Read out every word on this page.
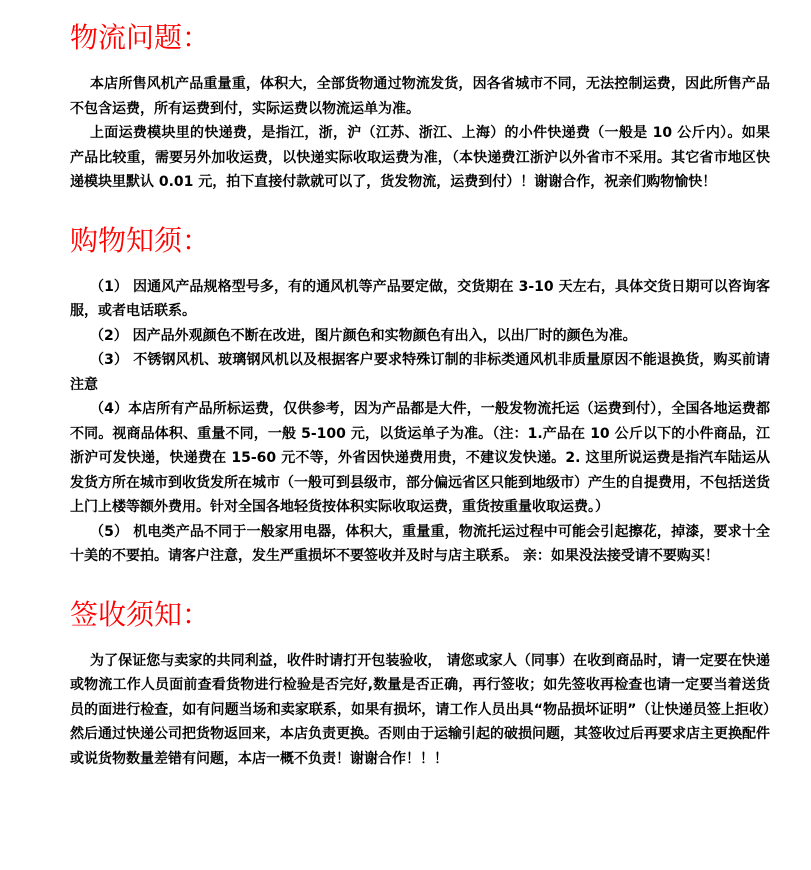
物流问题：

本店所售风机产品重量重，体积大，全部货物通过物流发货，因各省城市不同，无法控制运费，因此所售产品不包含运费，所有运费到付，实际运费以物流运单为准。

上面运费模块里的快递费，是指江，浙，沪（江苏、浙江、上海）的小件快递费（一般是 10 公斤内）。如果产品比较重，需要另外加收运费，以快递实际收取运费为准，（本快递费江浙沪以外省市不采用。其它省市地区快递模块里默认 0.01 元，拍下直接付款就可以了，货发物流，运费到付）！谢谢合作，祝亲们购物愉快！

购物知须：

（1） 因通风产品规格型号多，有的通风机等产品要定做，交货期在 3-10 天左右，具体交货日期可以咨询客服，或者电话联系。

（2） 因产品外观颜色不断在改进，图片颜色和实物颜色有出入，以出厂时的颜色为准。

（3） 不锈钢风机、玻璃钢风机以及根据客户要求特殊订制的非标类通风机非质量原因不能退换货，购买前请注意

（4）本店所有产品所标运费，仅供参考，因为产品都是大件，一般发物流托运（运费到付），全国各地运费都不同。视商品体积、重量不同，一般 5-100 元，以货运单子为准。（注：1.产品在 10 公斤以下的小件商品，江浙沪可发快递，快递费在 15-60 元不等，外省因快递费用贵，不建议发快递。2. 这里所说运费是指汽车陆运从发货方所在城市到收货发所在城市（一般可到县级市，部分偏远省区只能到地级市）产生的自提费用，不包括送货上门上楼等额外费用。针对全国各地轻货按体积实际收取运费，重货按重量收取运费。）

（5） 机电类产品不同于一般家用电器，体积大，重量重，物流托运过程中可能会引起擦花，掉漆，要求十全十美的不要拍。请客户注意，发生严重损坏不要签收并及时与店主联系。 亲：如果没法接受请不要购买！

签收须知：

为了保证您与卖家的共同利益，收件时请打开包装验收， 请您或家人（同事）在收到商品时，请一定要在快递或物流工作人员面前查看货物进行检验是否完好,数量是否正确，再行签收；如先签收再检查也请一定要当着送货员的面进行检查，如有问题当场和卖家联系，如果有损坏，请工作人员出具“物品损坏证明”（让快递员签上拒收）然后通过快递公司把货物返回来，本店负责更换。否则由于运输引起的破损问题，其签收过后再要求店主更换配件或说货物数量差错有问题，本店一概不负责！谢谢合作！！！
